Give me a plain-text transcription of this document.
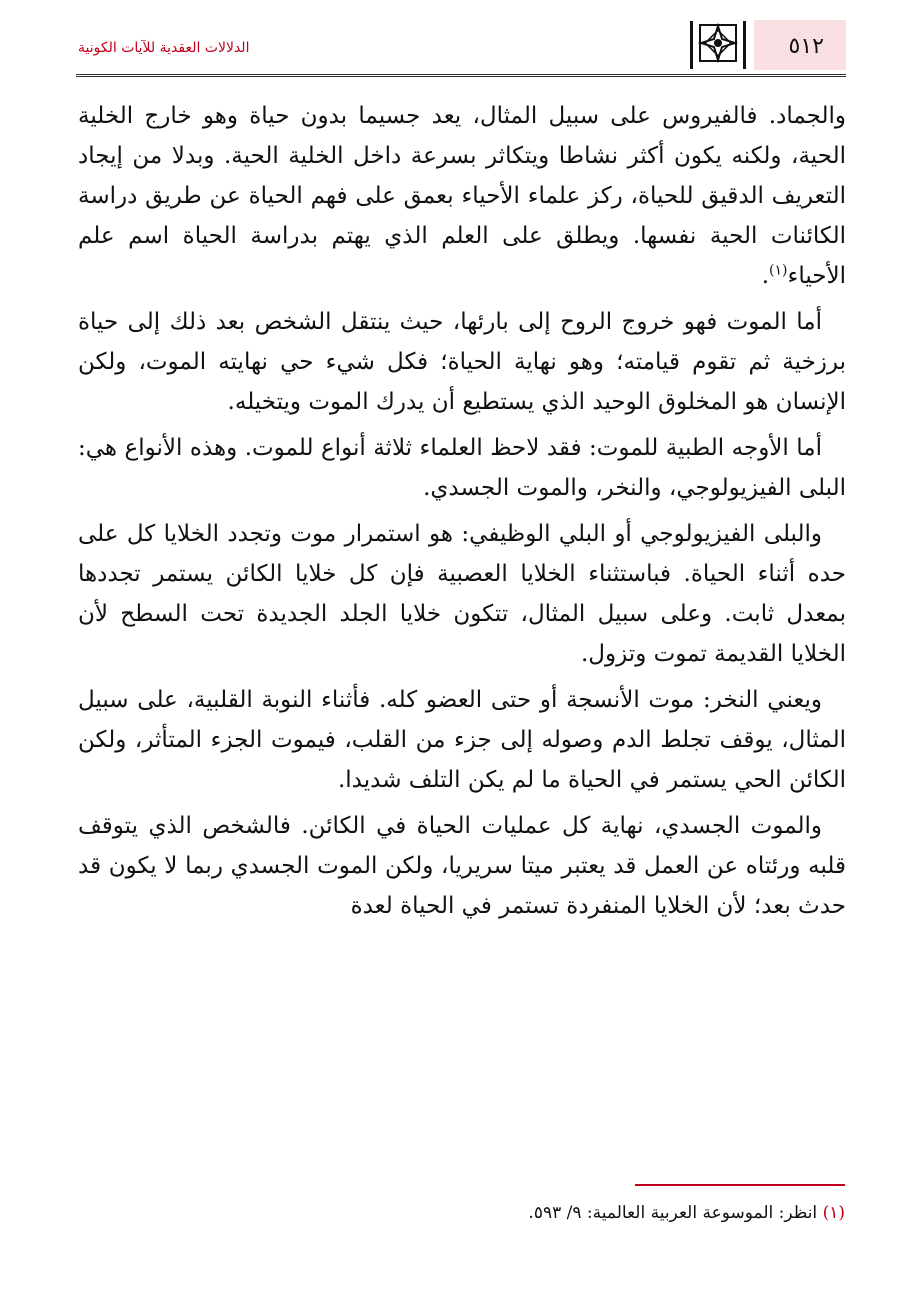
الدلالات العقدية للآيات الكونية	٥١٢

والجماد. فالفيروس على سبيل المثال، يعد جسيما بدون حياة وهو خارج الخلية الحية، ولكنه يكون أكثر نشاطا ويتكاثر بسرعة داخل الخلية الحية. وبدلا من إيجاد التعريف الدقيق للحياة، ركز علماء الأحياء بعمق على فهم الحياة عن طريق دراسة الكائنات الحية نفسها. ويطلق على العلم الذي يهتم بدراسة الحياة اسم علم الأحياء$^{(١)}$.

أما الموت فهو خروج الروح إلى بارئها، حيث ينتقل الشخص بعد ذلك إلى حياة برزخية ثم تقوم قيامته؛ وهو نهاية الحياة؛ فكل شيء حي نهايته الموت، ولكن الإنسان هو المخلوق الوحيد الذي يستطيع أن يدرك الموت ويتخيله.

أما الأوجه الطبية للموت: فقد لاحظ العلماء ثلاثة أنواع للموت. وهذه الأنواع هي: البلى الفيزيولوجي، والنخر، والموت الجسدي.

والبلى الفيزيولوجي أو البلي الوظيفي: هو استمرار موت وتجدد الخلايا كل على حده أثناء الحياة. فباستثناء الخلايا العصبية فإن كل خلايا الكائن يستمر تجددها بمعدل ثابت. وعلى سبيل المثال، تتكون خلايا الجلد الجديدة تحت السطح لأن الخلايا القديمة تموت وتزول.

ويعني النخر: موت الأنسجة أو حتى العضو كله. فأثناء النوبة القلبية، على سبيل المثال، يوقف تجلط الدم وصوله إلى جزء من القلب، فيموت الجزء المتأثر، ولكن الكائن الحي يستمر في الحياة ما لم يكن التلف شديدا.

والموت الجسدي، نهاية كل عمليات الحياة في الكائن. فالشخص الذي يتوقف قلبه ورئتاه عن العمل قد يعتبر ميتا سريريا، ولكن الموت الجسدي ربما لا يكون قد حدث بعد؛ لأن الخلايا المنفردة تستمر في الحياة لعدة

(١) انظر: الموسوعة العربية العالمية: ٩/ ٥٩٣.
